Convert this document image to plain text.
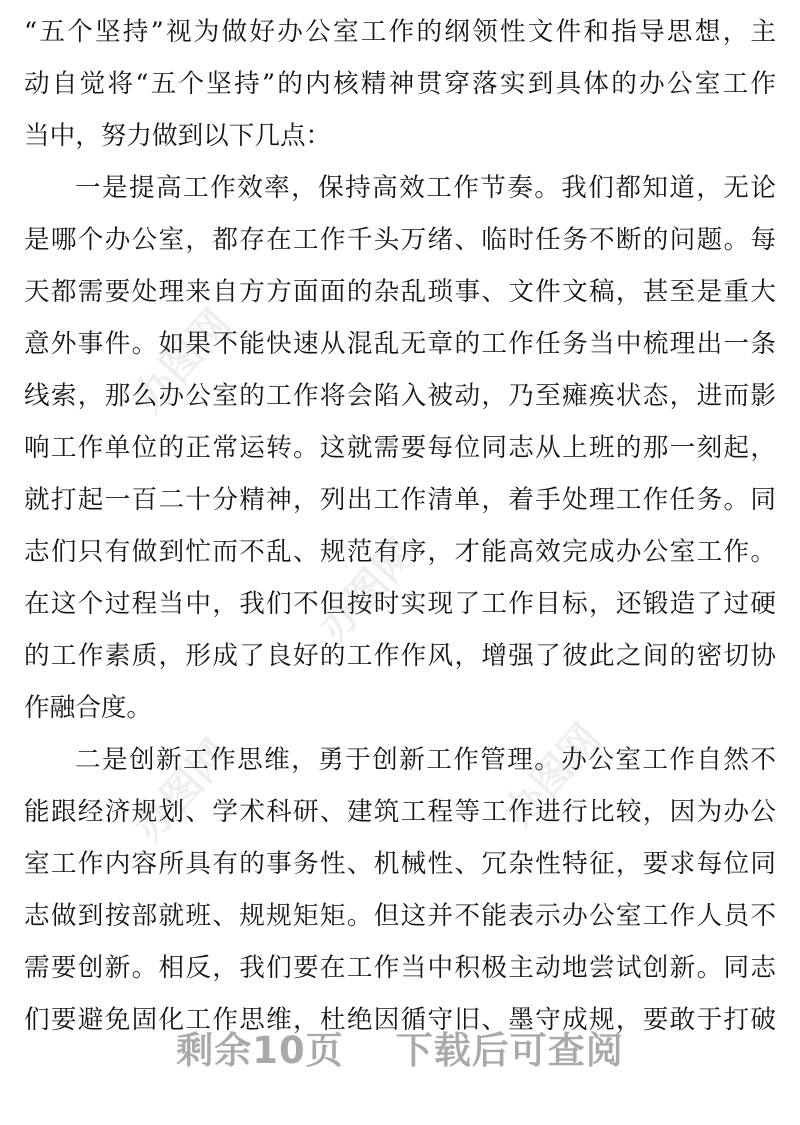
办图网
办图网
办图网	办图网
“五个坚持”视为做好办公室工作的纲领性文件和指导思想，主
动自觉将“五个坚持”的内核精神贯穿落实到具体的办公室工作
当中，努力做到以下几点：
一是提高工作效率，保持高效工作节奏。我们都知道，无论
是哪个办公室，都存在工作千头万绪、临时任务不断的问题。每
天都需要处理来自方方面面的杂乱琐事、文件文稿，甚至是重大
意外事件。如果不能快速从混乱无章的工作任务当中梳理出一条
线索，那么办公室的工作将会陷入被动，乃至瘫痪状态，进而影
响工作单位的正常运转。这就需要每位同志从上班的那一刻起，
就打起一百二十分精神，列出工作清单，着手处理工作任务。同
志们只有做到忙而不乱、规范有序，才能高效完成办公室工作。
在这个过程当中，我们不但按时实现了工作目标，还锻造了过硬
的工作素质，形成了良好的工作作风，增强了彼此之间的密切协
作融合度。
二是创新工作思维，勇于创新工作管理。办公室工作自然不
能跟经济规划、学术科研、建筑工程等工作进行比较，因为办公
室工作内容所具有的事务性、机械性、冗杂性特征，要求每位同
志做到按部就班、规规矩矩。但这并不能表示办公室工作人员不
需要创新。相反，我们要在工作当中积极主动地尝试创新。同志
们要避免固化工作思维，杜绝因循守旧、墨守成规，要敢于打破
剩余10页 下载后可查阅
